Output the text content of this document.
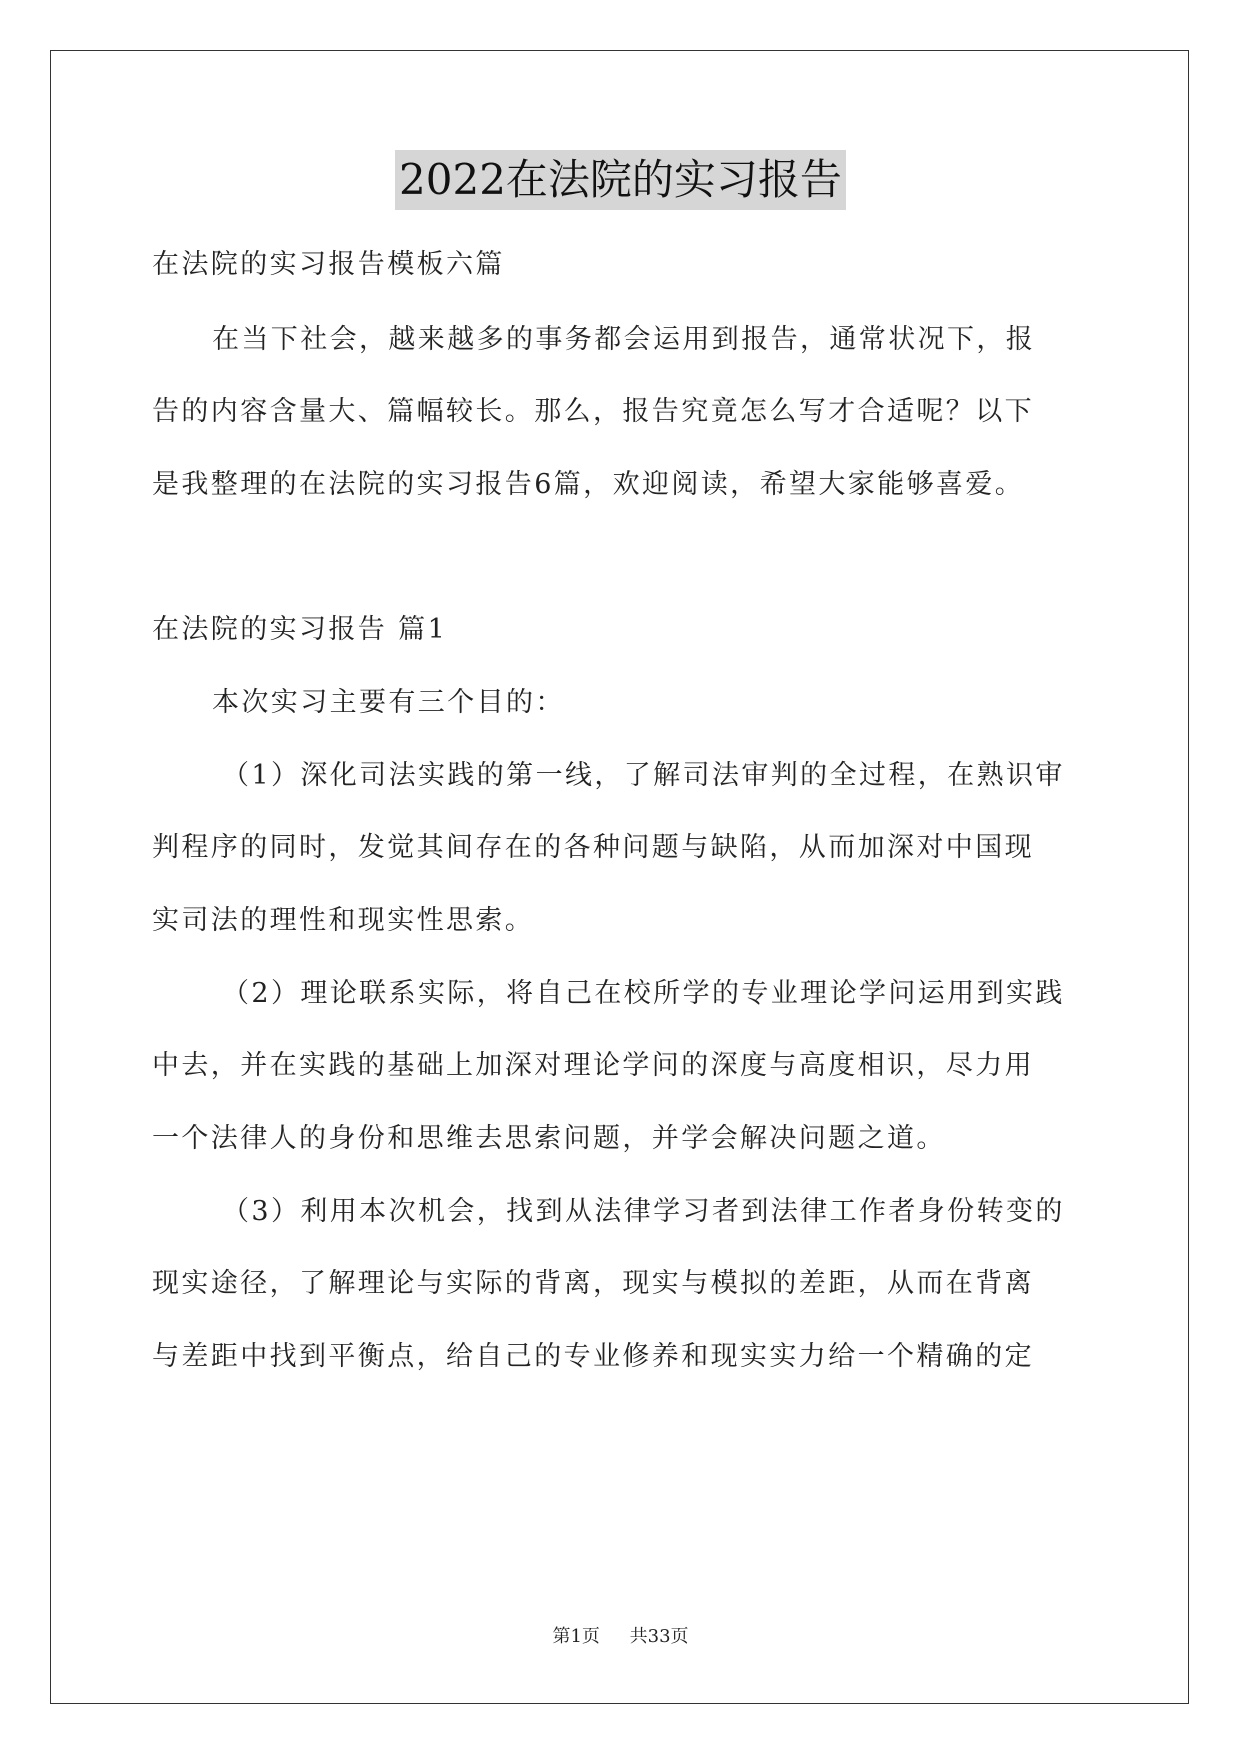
2022在法院的实习报告
在法院的实习报告模板六篇
在当下社会，越来越多的事务都会运用到报告，通常状况下，报
告的内容含量大、篇幅较长。那么，报告究竟怎么写才合适呢？以下
是我整理的在法院的实习报告6篇，欢迎阅读，希望大家能够喜爱。
在法院的实习报告 篇1
本次实习主要有三个目的：
（1）深化司法实践的第一线，了解司法审判的全过程，在熟识审
判程序的同时，发觉其间存在的各种问题与缺陷，从而加深对中国现
实司法的理性和现实性思索。
（2）理论联系实际，将自己在校所学的专业理论学问运用到实践
中去，并在实践的基础上加深对理论学问的深度与高度相识，尽力用
一个法律人的身份和思维去思索问题，并学会解决问题之道。
（3）利用本次机会，找到从法律学习者到法律工作者身份转变的
现实途径，了解理论与实际的背离，现实与模拟的差距，从而在背离
与差距中找到平衡点，给自己的专业修养和现实实力给一个精确的定
第1页 共33页
